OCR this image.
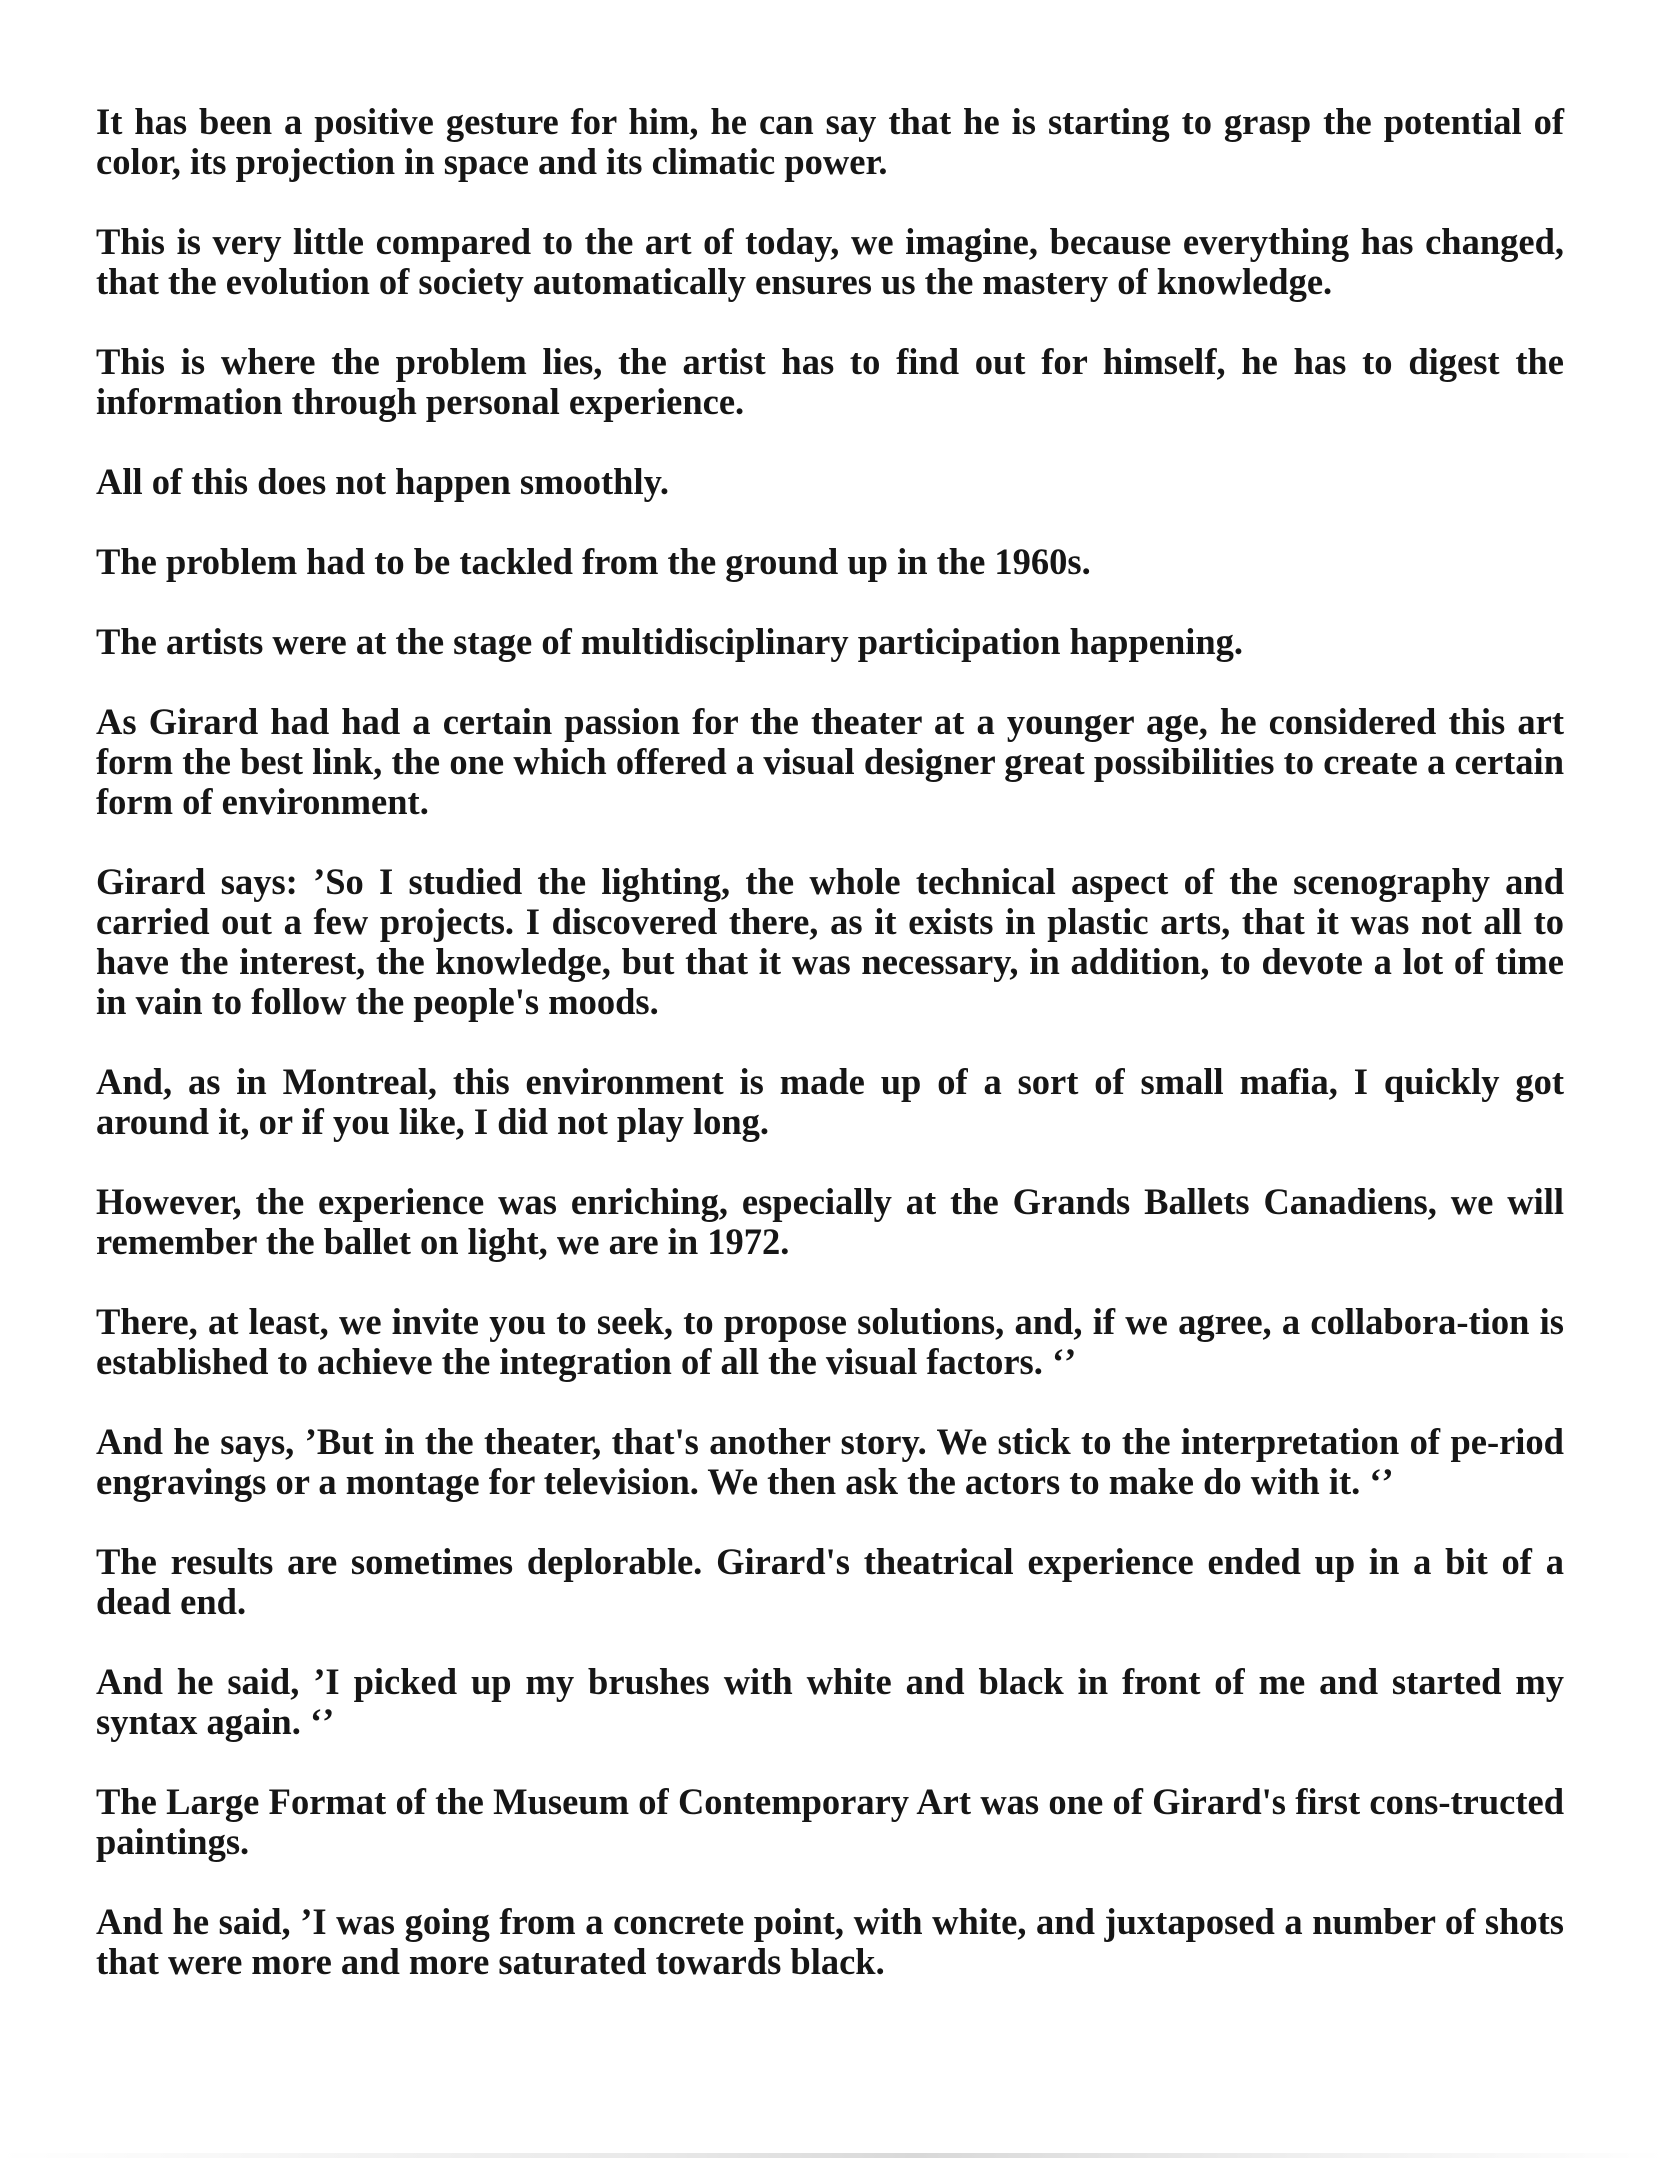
It has been a positive gesture for him, he can say that he is starting to grasp the potential of color, its projection in space and its climatic power.

This is very little compared to the art of today, we imagine, because everything has changed, that the evolution of society automatically ensures us the mastery of knowledge.

This is where the problem lies, the artist has to find out for himself, he has to digest the information through personal experience.

All of this does not happen smoothly.

The problem had to be tackled from the ground up in the 1960s.

The artists were at the stage of multidisciplinary participation happening.

As Girard had had a certain passion for the theater at a younger age, he considered this art form the best link, the one which offered a visual designer great possibilities to create a certain form of environment.

Girard says: ’So I studied the lighting, the whole technical aspect of the scenography and carried out a few projects. I discovered there, as it exists in plastic arts, that it was not all to have the interest, the knowledge, but that it was necessary, in addition, to devote a lot of time in vain to follow the people's moods.

And, as in Montreal, this environment is made up of a sort of small mafia, I quickly got around it, or if you like, I did not play long.

However, the experience was enriching, especially at the Grands Ballets Canadiens, we will remember the ballet on light, we are in 1972.

There, at least, we invite you to seek, to propose solutions, and, if we agree, a collabora-tion is established to achieve the integration of all the visual factors. ‘’

And he says, ’But in the theater, that's another story. We stick to the interpretation of pe-riod engravings or a montage for television. We then ask the actors to make do with it. ‘’

The results are sometimes deplorable. Girard's theatrical experience ended up in a bit of a dead end.

And he said, ’I picked up my brushes with white and black in front of me and started my syntax again. ‘’

The Large Format of the Museum of Contemporary Art was one of Girard's first cons-tructed paintings.

And he said, ’I was going from a concrete point, with white, and juxtaposed a number of shots that were more and more saturated towards black.
